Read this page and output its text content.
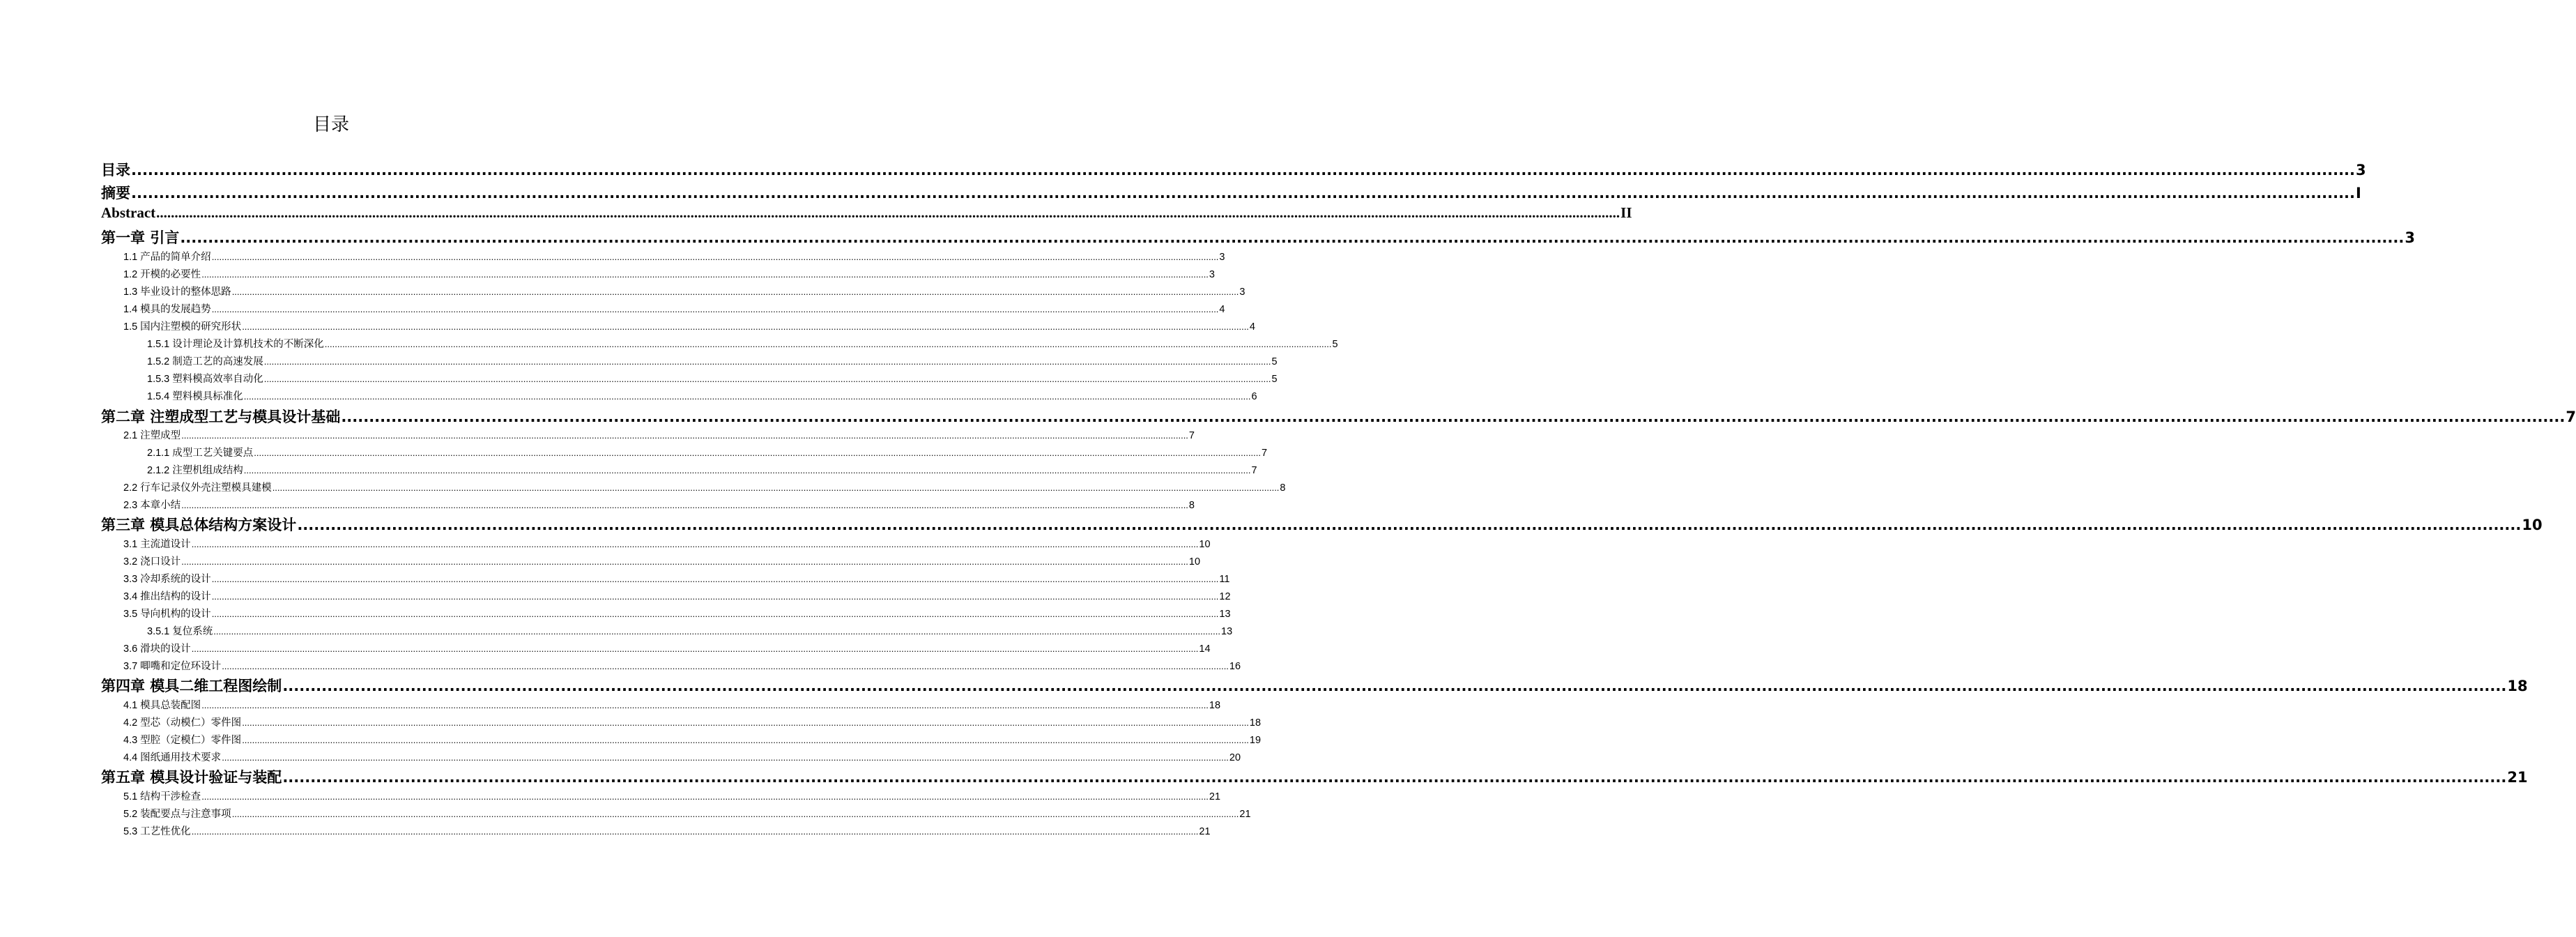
目录
目录 ................................................................................................................................................................................................................................................................................................................................................................................................................ 3
摘要 ................................................................................................................................................................................................................................................................................................................................................................................................................ I
Abstract ................................................................................................................................................................................................................................................................................................................................................................................................................ II
第一章 引言 ................................................................................................................................................................................................................................................................................................................................................................................................................ 3
1.1 产品的简单介绍 ................................................................................................................................................................................................................................................................................................................................................................................................................ 3
1.2 开模的必要性 ................................................................................................................................................................................................................................................................................................................................................................................................................ 3
1.3 毕业设计的整体思路 ................................................................................................................................................................................................................................................................................................................................................................................................................ 3
1.4 模具的发展趋势 ................................................................................................................................................................................................................................................................................................................................................................................................................ 4
1.5 国内注塑模的研究形状 ................................................................................................................................................................................................................................................................................................................................................................................................................ 4
1.5.1 设计理论及计算机技术的不断深化 ................................................................................................................................................................................................................................................................................................................................................................................................................ 5
1.5.2 制造工艺的高速发展 ................................................................................................................................................................................................................................................................................................................................................................................................................ 5
1.5.3 塑料模高效率自动化 ................................................................................................................................................................................................................................................................................................................................................................................................................ 5
1.5.4 塑料模具标准化 ................................................................................................................................................................................................................................................................................................................................................................................................................ 6
第二章 注塑成型工艺与模具设计基础 ................................................................................................................................................................................................................................................................................................................................................................................................................ 7
2.1 注塑成型 ................................................................................................................................................................................................................................................................................................................................................................................................................ 7
2.1.1 成型工艺关键要点 ................................................................................................................................................................................................................................................................................................................................................................................................................ 7
2.1.2 注塑机组成结构 ................................................................................................................................................................................................................................................................................................................................................................................................................ 7
2.2 行车记录仪外壳注塑模具建模 ................................................................................................................................................................................................................................................................................................................................................................................................................ 8
2.3 本章小结 ................................................................................................................................................................................................................................................................................................................................................................................................................ 8
第三章 模具总体结构方案设计 ................................................................................................................................................................................................................................................................................................................................................................................................................ 10
3.1 主流道设计 ................................................................................................................................................................................................................................................................................................................................................................................................................ 10
3.2 浇口设计 ................................................................................................................................................................................................................................................................................................................................................................................................................ 10
3.3 冷却系统的设计 ................................................................................................................................................................................................................................................................................................................................................................................................................ 11
3.4 推出结构的设计 ................................................................................................................................................................................................................................................................................................................................................................................................................ 12
3.5 导向机构的设计 ................................................................................................................................................................................................................................................................................................................................................................................................................ 13
3.5.1 复位系统 ................................................................................................................................................................................................................................................................................................................................................................................................................ 13
3.6 滑块的设计 ................................................................................................................................................................................................................................................................................................................................................................................................................ 14
3.7 唧嘴和定位环设计 ................................................................................................................................................................................................................................................................................................................................................................................................................ 16
第四章 模具二维工程图绘制 ................................................................................................................................................................................................................................................................................................................................................................................................................ 18
4.1 模具总装配图 ................................................................................................................................................................................................................................................................................................................................................................................................................ 18
4.2 型芯（动模仁）零件图 ................................................................................................................................................................................................................................................................................................................................................................................................................ 18
4.3 型腔（定模仁）零件图 ................................................................................................................................................................................................................................................................................................................................................................................................................ 19
4.4 图纸通用技术要求 ................................................................................................................................................................................................................................................................................................................................................................................................................ 20
第五章 模具设计验证与装配 ................................................................................................................................................................................................................................................................................................................................................................................................................ 21
5.1 结构干涉检查 ................................................................................................................................................................................................................................................................................................................................................................................................................ 21
5.2 装配要点与注意事项 ................................................................................................................................................................................................................................................................................................................................................................................................................ 21
5.3 工艺性优化 ................................................................................................................................................................................................................................................................................................................................................................................................................ 21
